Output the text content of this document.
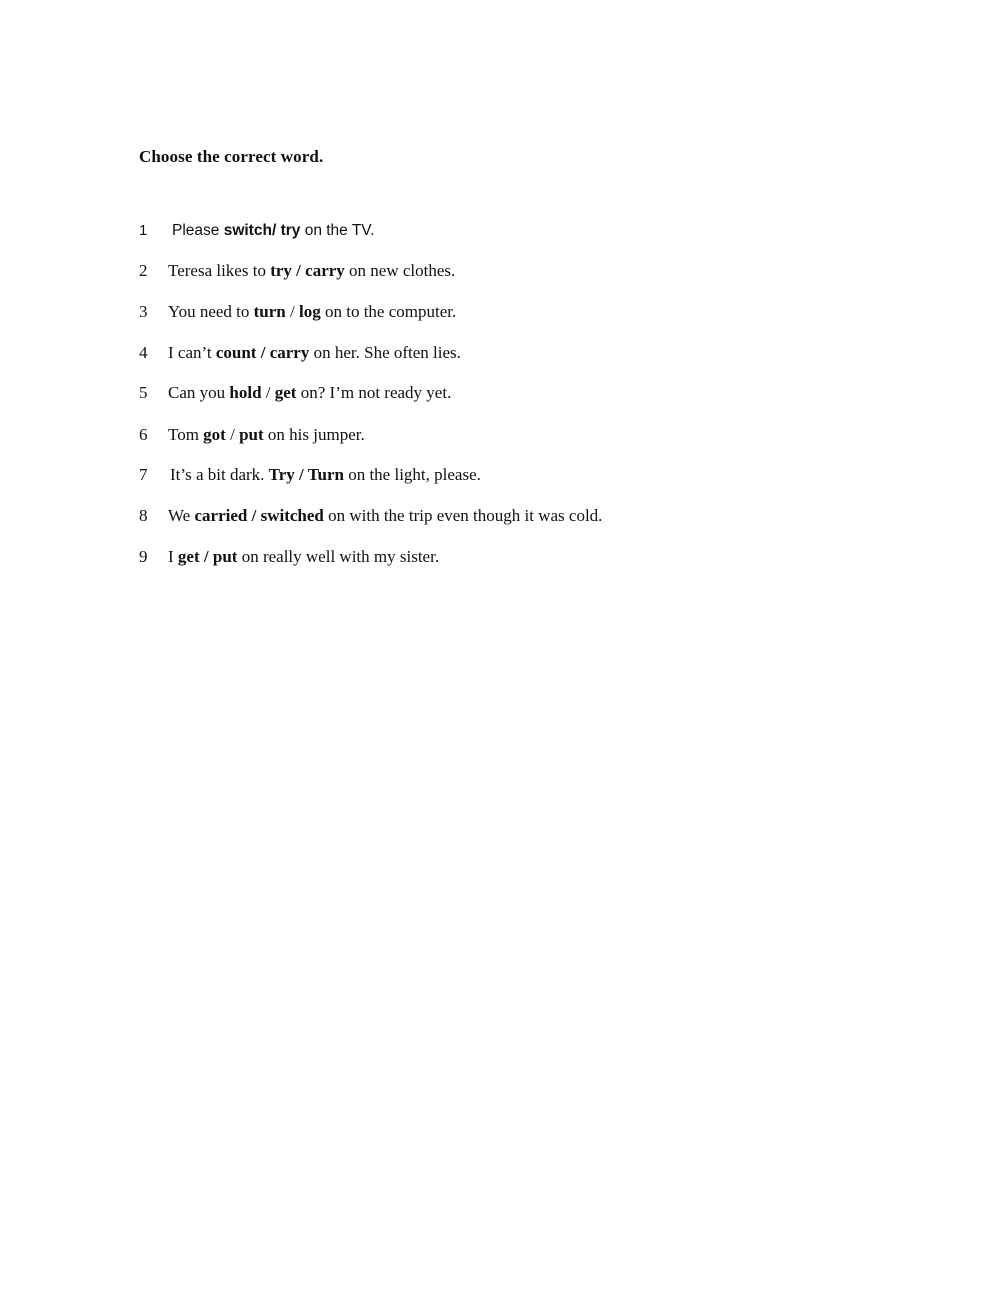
Choose the correct word.
1 Please switch/ try on the TV.
2 Teresa likes to try / carry on new clothes.
3 You need to turn / log on to the computer.
4 I can’t count / carry on her. She often lies.
5 Can you hold / get on? I’m not ready yet.
6 Tom got / put on his jumper.
7 It’s a bit dark. Try / Turn on the light, please.
8 We carried / switched on with the trip even though it was cold.
9 I get / put on really well with my sister.
